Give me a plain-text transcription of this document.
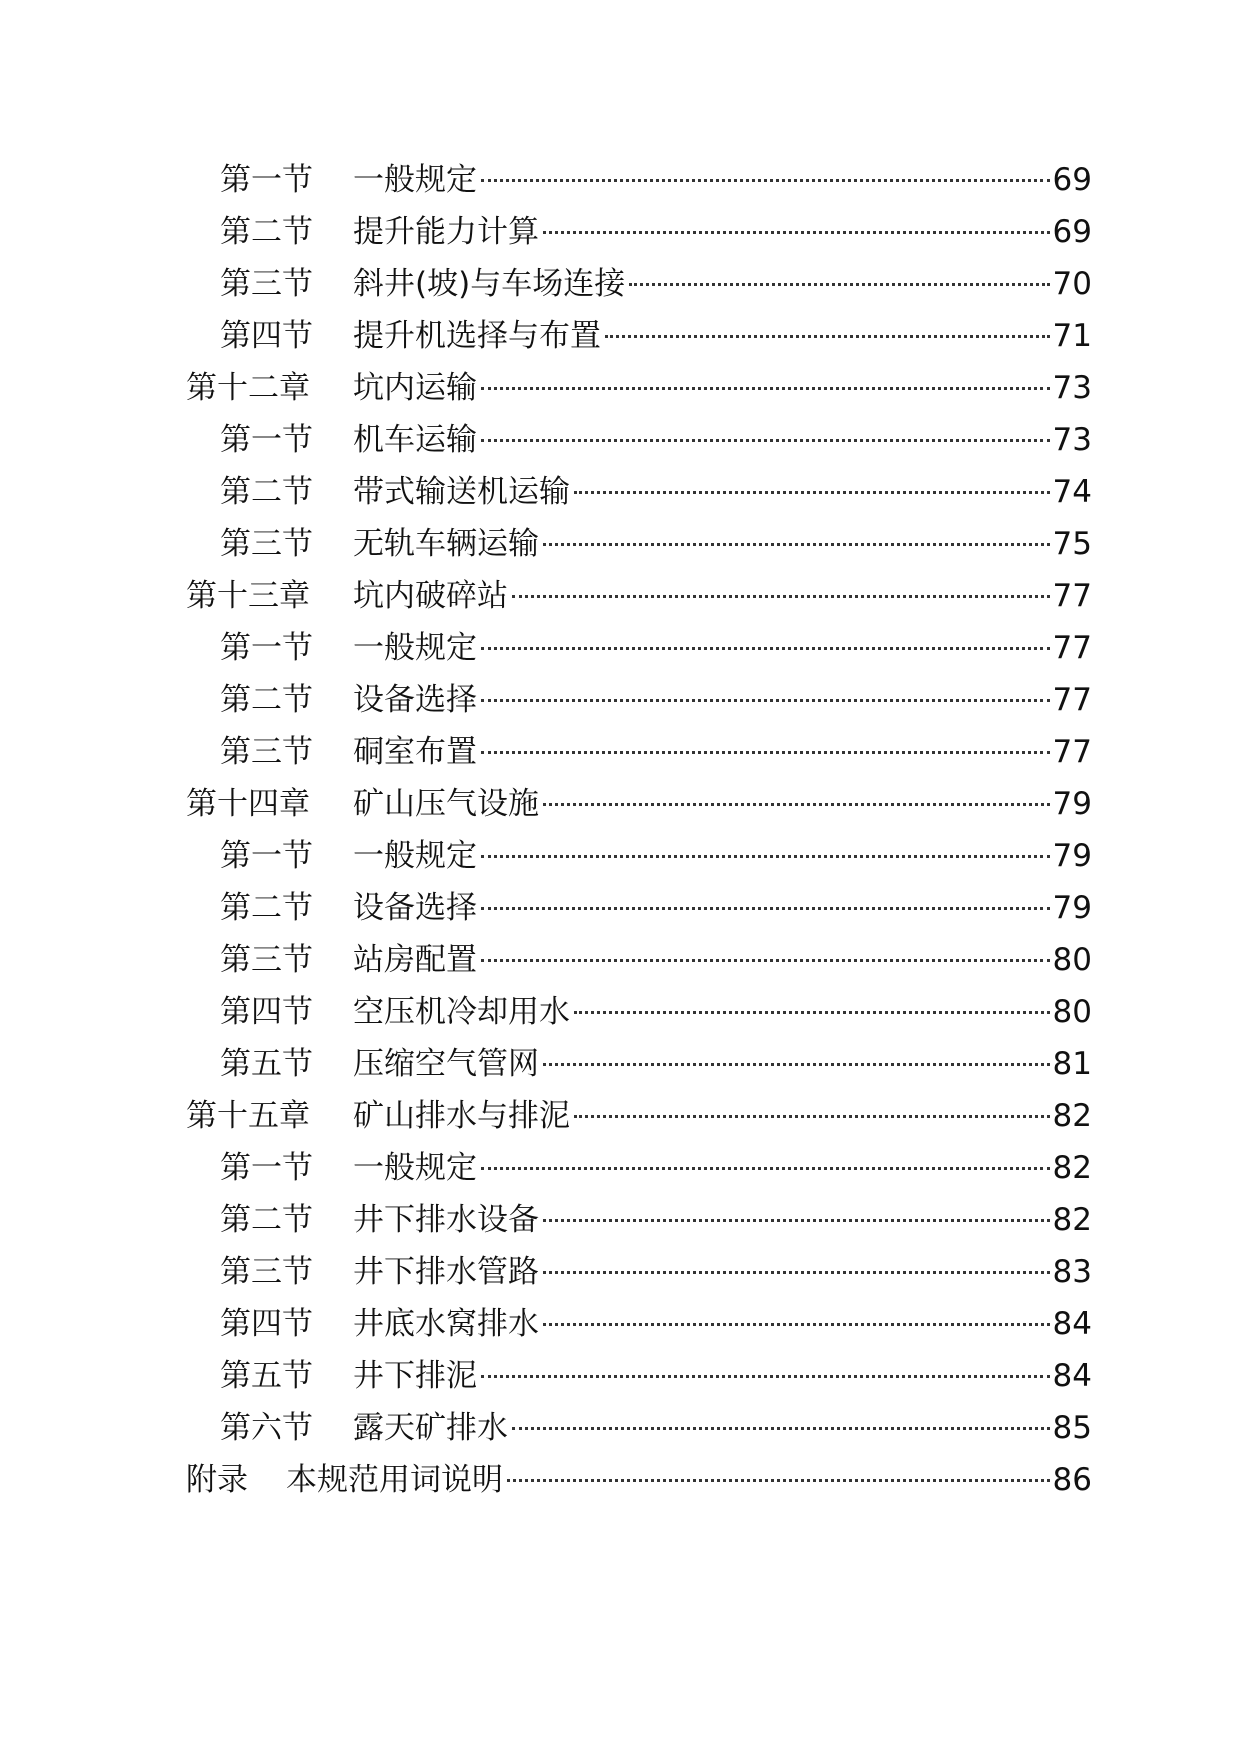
第一节	一般规定	69
第二节	提升能力计算	69
第三节	斜井(坡)与车场连接	70
第四节	提升机选择与布置	71
第十二章	坑内运输	73
第一节	机车运输	73
第二节	带式输送机运输	74
第三节	无轨车辆运输	75
第十三章	坑内破碎站	77
第一节	一般规定	77
第二节	设备选择	77
第三节	硐室布置	77
第十四章	矿山压气设施	79
第一节	一般规定	79
第二节	设备选择	79
第三节	站房配置	80
第四节	空压机冷却用水	80
第五节	压缩空气管网	81
第十五章	矿山排水与排泥	82
第一节	一般规定	82
第二节	井下排水设备	82
第三节	井下排水管路	83
第四节	井底水窝排水	84
第五节	井下排泥	84
第六节	露天矿排水	85
附录	本规范用词说明	86
